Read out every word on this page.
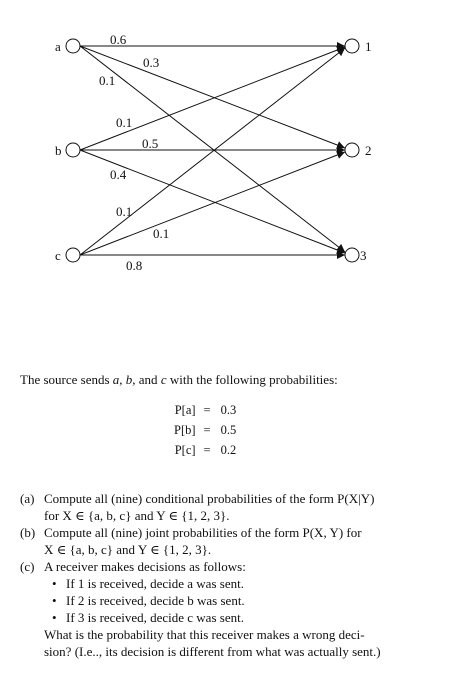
a
b
c
1
2
3
0.6
0.3
0.1
0.1
0.5
0.4
0.1
0.1
0.8
The source sends a, b, and c with the following probabilities:
P[a]	=	0.3
P[b]	=	0.5
P[c]	=	0.2
(a) Compute all (nine) conditional probabilities of the form P(X|Y)
for X ∈ {a, b, c} and Y ∈ {1, 2, 3}.
(b) Compute all (nine) joint probabilities of the form P(X, Y) for
X ∈ {a, b, c} and Y ∈ {1, 2, 3}.
(c) A receiver makes decisions as follows:
• If 1 is received, decide a was sent.
• If 2 is received, decide b was sent.
• If 3 is received, decide c was sent.
What is the probability that this receiver makes a wrong deci-
sion? (I.e.., its decision is different from what was actually sent.)
